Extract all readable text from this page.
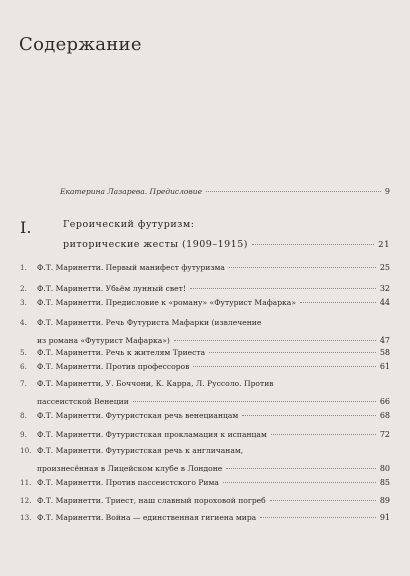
Содержание
Екатерина Лазарева. Предисловие	9
I.	Героический футуризм:
риторические жесты (1909–1915)	21
1.	Ф.Т. Маринетти. Первый манифест футуризма	25
2.	Ф.Т. Маринетти. Убьём лунный свет!	32
3.	Ф.Т. Маринетти. Предисловие к «роману» «Футурист Мафарка»	44
4.	Ф.Т. Маринетти. Речь Футуриста Мафарки (извлечение
из романа «Футурист Мафарка»)	47
5.	Ф.Т. Маринетти. Речь к жителям Триеста	58
6.	Ф.Т. Маринетти. Против профессоров	61
7.	Ф.Т. Маринетти, У. Боччони, К. Карра, Л. Руссоло. Против
пассеистской Венеции	66
8.	Ф.Т. Маринетти. Футуристская речь венецианцам	68
9.	Ф.Т. Маринетти. Футуристская прокламация к испанцам	72
10. Ф.Т. Маринетти. Футуристская речь к англичанам,
произнесённая в Лицейском клубе в Лондоне	80
11. Ф.Т. Маринетти. Против пассеистского Рима	85
12. Ф.Т. Маринетти. Триест, наш славный пороховой погреб	89
13. Ф.Т. Маринетти. Война — единственная гигиена мира	91
